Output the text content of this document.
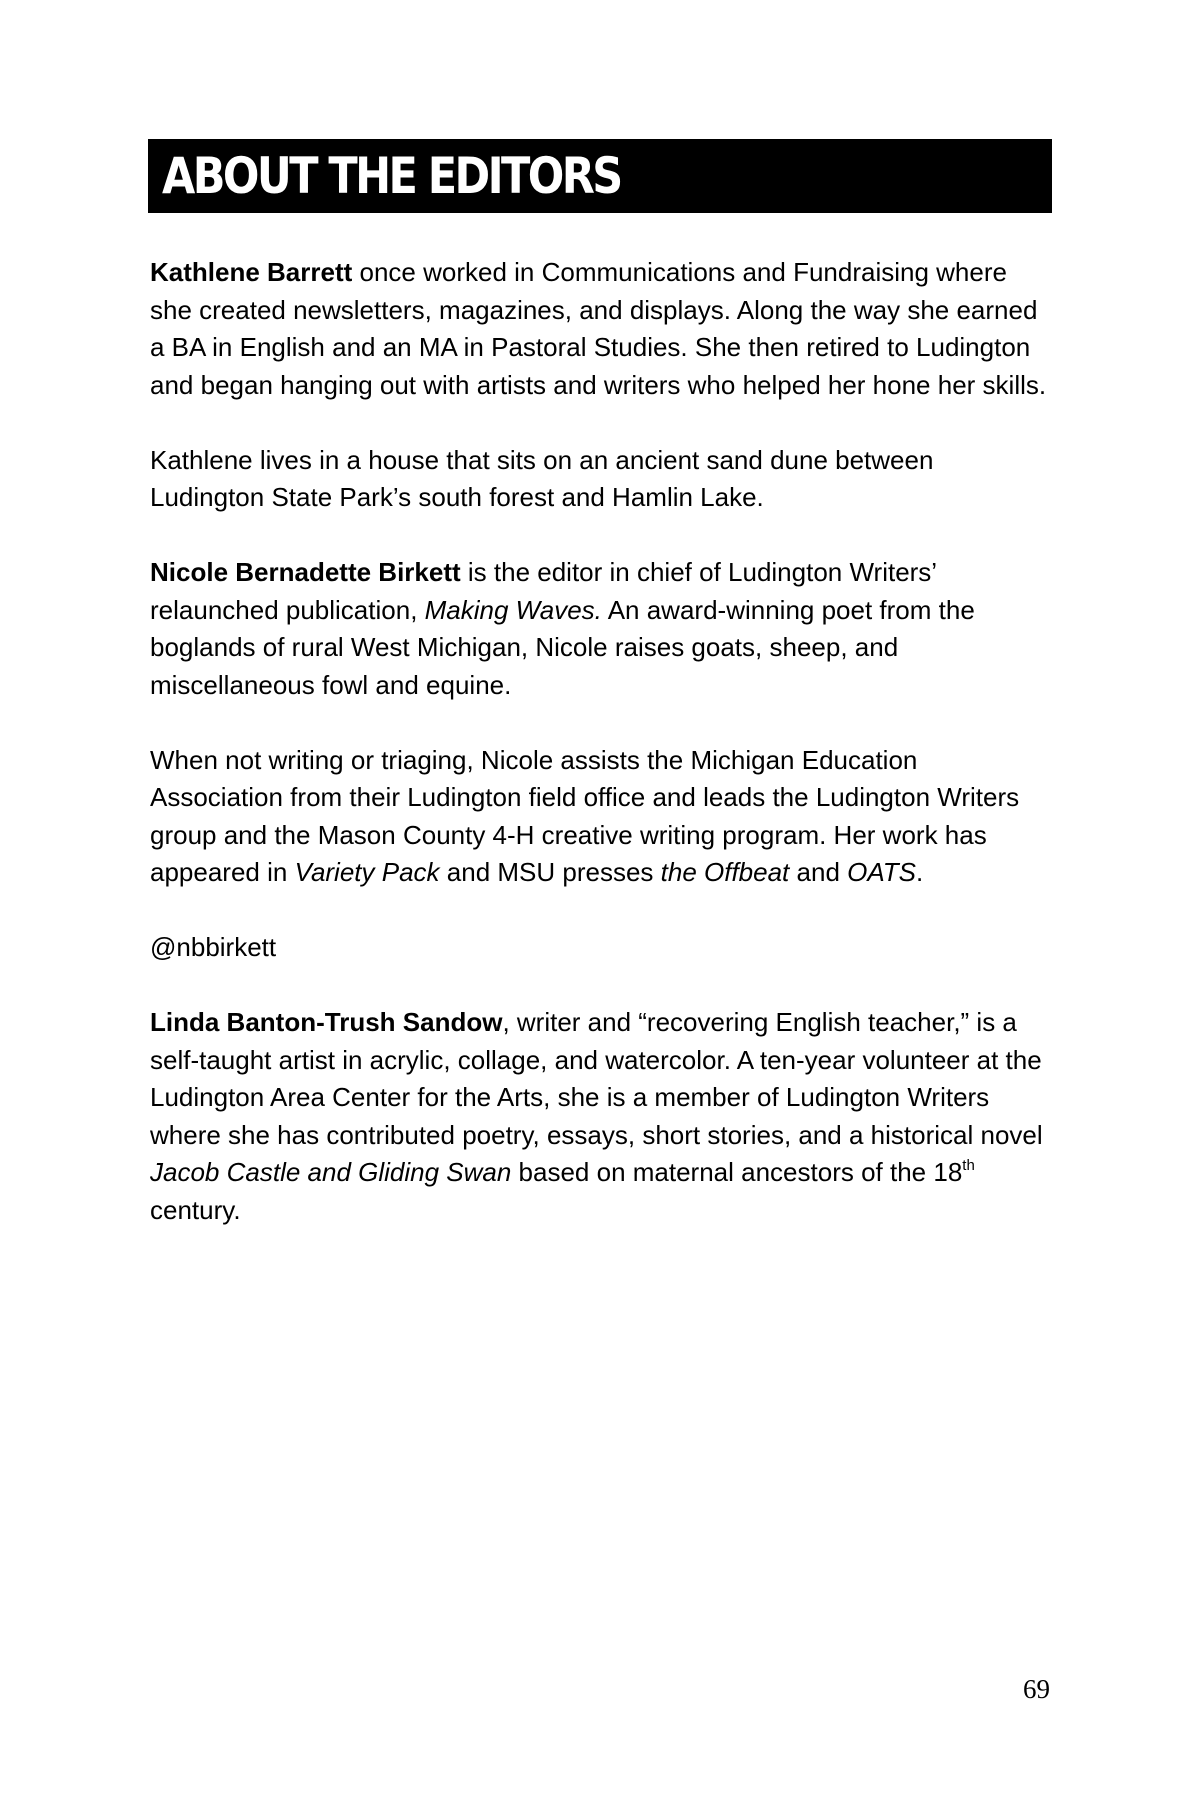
ABOUT THE EDITORS

Kathlene Barrett once worked in Communications and Fundraising where she created newsletters, magazines, and displays. Along the way she earned a BA in English and an MA in Pastoral Studies. She then retired to Ludington and began hanging out with artists and writers who helped her hone her skills.

Kathlene lives in a house that sits on an ancient sand dune between Ludington State Park’s south forest and Hamlin Lake.

Nicole Bernadette Birkett is the editor in chief of Ludington Writers’ relaunched publication, Making Waves. An award-winning poet from the boglands of rural West Michigan, Nicole raises goats, sheep, and miscellaneous fowl and equine.

When not writing or triaging, Nicole assists the Michigan Education Association from their Ludington field office and leads the Ludington Writers group and the Mason County 4-H creative writing program. Her work has appeared in Variety Pack and MSU presses the Offbeat and OATS.

@nbbirkett

Linda Banton-Trush Sandow, writer and “recovering English teacher,” is a self-taught artist in acrylic, collage, and watercolor. A ten-year volunteer at the Ludington Area Center for the Arts, she is a member of Ludington Writers where she has contributed poetry, essays, short stories, and a historical novel Jacob Castle and Gliding Swan based on maternal ancestors of the 18th century.

69
